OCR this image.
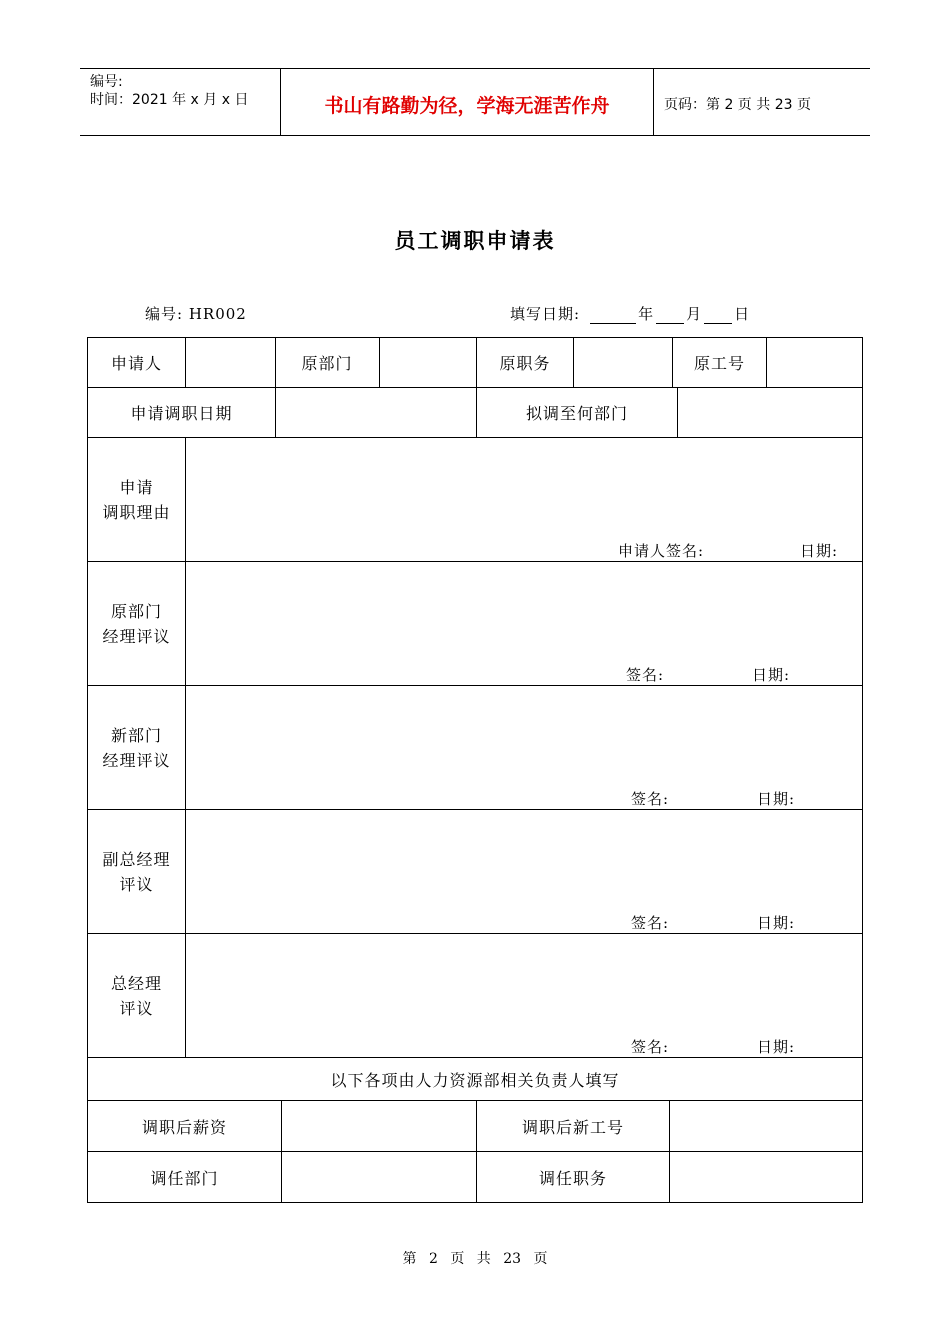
编号:
时间：2021 年 x 月 x 日	书山有路勤为径，学海无涯苦作舟	页码：第 2 页 共 23 页
员工调职申请表
编号: HR002	填写日期:	年 月 日
申请人	原部门	原职务	原工号
申请调职日期	拟调至何部门
申请
调职理由
申请人签名:	日期:
原部门
经理评议
签名:	日期:
新部门
经理评议
签名:	日期:
副总经理
评议
签名:	日期:
总经理
评议
签名:	日期:
以下各项由人力资源部相关负责人填写
调职后薪资	调职后新工号
调任部门	调任职务
第 2 页 共 23 页
